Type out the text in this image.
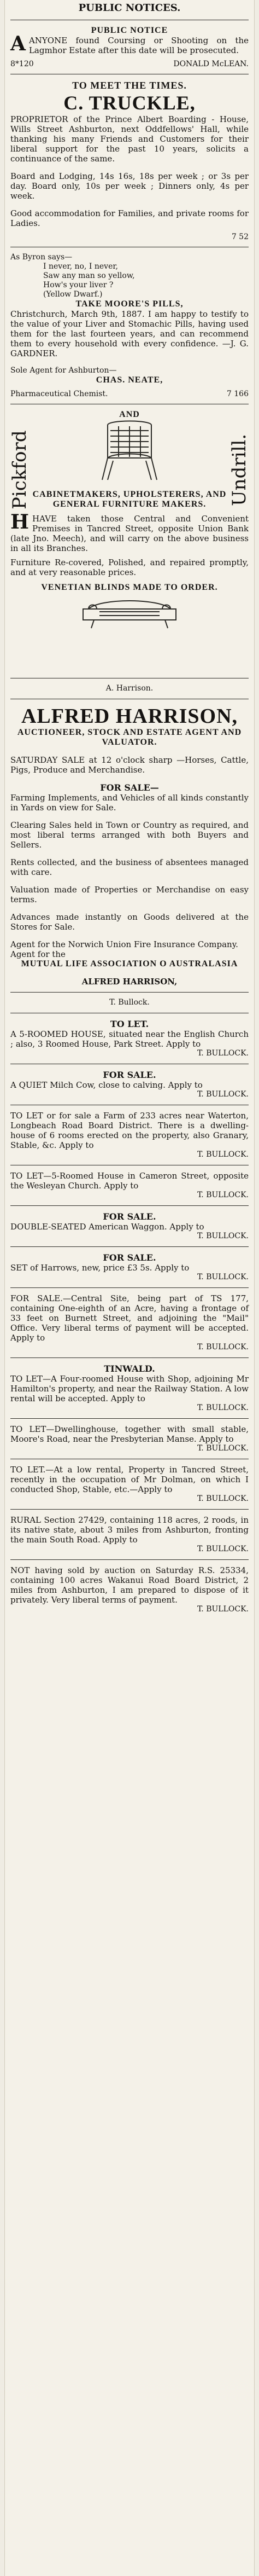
PUBLIC NOTICES.
PUBLIC NOTICE
A ANYONE found Coursing or Shooting on the Lagmhor Estate after this date will be prosecuted.
8*120	DONALD McLEAN.
TO MEET THE TIMES.
C. TRUCKLE,
PROPRIETOR of the Prince Albert Boarding - House, Wills Street Ashburton, next Oddfellows' Hall, while thanking his many Friends and Customers for their liberal support for the past 10 years, solicits a continuance of the same.
Board and Lodging, 14s 16s, 18s per week ; or 3s per day. Board only, 10s per week ; Dinners only, 4s per week.
Good accommodation for Families, and private rooms for Ladies.
7 52
As Byron says—
I never, no, I never,
Saw any man so yellow,
How's your liver ?
(Yellow Dwarf.)
TAKE MOORE'S PILLS,
Christchurch, March 9th, 1887. I am happy to testify to the value of your Liver and Stomachic Pills, having used them for the last fourteen years, and can recommend them to every household with every confidence. —J. G. GARDNER.
Sole Agent for Ashburton—
CHAS. NEATE,
Pharmaceutical Chemist.	7 166
Pickford	Undrill.
AND
CABINETMAKERS, UPHOLSTERERS, AND GENERAL FURNITURE MAKERS.
H HAVE taken those Central and Convenient Premises in Tancred Street, opposite Union Bank (late Jno. Meech), and will carry on the above business in all its Branches.
Furniture Re-covered, Polished, and repaired promptly, and at very reasonable prices.
VENETIAN BLINDS MADE TO ORDER.
A. Harrison.
ALFRED HARRISON,
AUCTIONEER, STOCK AND ESTATE AGENT AND VALUATOR.
SATURDAY SALE at 12 o'clock sharp —Horses, Cattle, Pigs, Produce and Merchandise.
FOR SALE—
Farming Implements, and Vehicles of all kinds constantly in Yards on view for Sale.
Clearing Sales held in Town or Country as required, and most liberal terms arranged with both Buyers and Sellers.
Rents collected, and the business of absentees managed with care.
Valuation made of Properties or Merchandise on easy terms.
Advances made instantly on Goods delivered at the Stores for Sale.
Agent for the Norwich Union Fire Insurance Company.
Agent for the
MUTUAL LIFE ASSOCIATION O AUSTRALASIA
ALFRED HARRISON,
T. Bullock.
TO LET.
A 5-ROOMED HOUSE, situated near the English Church ; also, 3 Roomed House, Park Street. Apply to
T. BULLOCK.
FOR SALE.
A QUIET Milch Cow, close to calving. Apply to
T. BULLOCK.
TO LET or for sale a Farm of 233 acres near Waterton, Longbeach Road Board District. There is a dwelling-house of 6 rooms erected on the property, also Granary, Stable, &c. Apply to
T. BULLOCK.
TO LET—5-Roomed House in Cameron Street, opposite the Wesleyan Church. Apply to
T. BULLOCK.
FOR SALE.
DOUBLE-SEATED American Waggon. Apply to
T. BULLOCK.
FOR SALE.
SET of Harrows, new, price £3 5s. Apply to
T. BULLOCK.
FOR SALE.—Central Site, being part of TS 177, containing One-eighth of an Acre, having a frontage of 33 feet on Burnett Street, and adjoining the "Mail" Office. Very liberal terms of payment will be accepted. Apply to
T. BULLOCK.
TINWALD.
TO LET—A Four-roomed House with Shop, adjoining Mr Hamilton's property, and near the Railway Station. A low rental will be accepted. Apply to
T. BULLOCK.
TO LET—Dwellinghouse, together with small stable, Moore's Road, near the Presbyterian Manse. Apply to
T. BULLOCK.
TO LET.—At a low rental, Property in Tancred Street, recently in the occupation of Mr Dolman, on which I conducted Shop, Stable, etc.—Apply to
T. BULLOCK.
RURAL Section 27429, containing 118 acres, 2 roods, in its native state, about 3 miles from Ashburton, fronting the main South Road. Apply to
T. BULLOCK.
NOT having sold by auction on Saturday R.S. 25334, containing 100 acres Wakanui Road Board District, 2 miles from Ashburton, I am prepared to dispose of it privately. Very liberal terms of payment.
T. BULLOCK.
